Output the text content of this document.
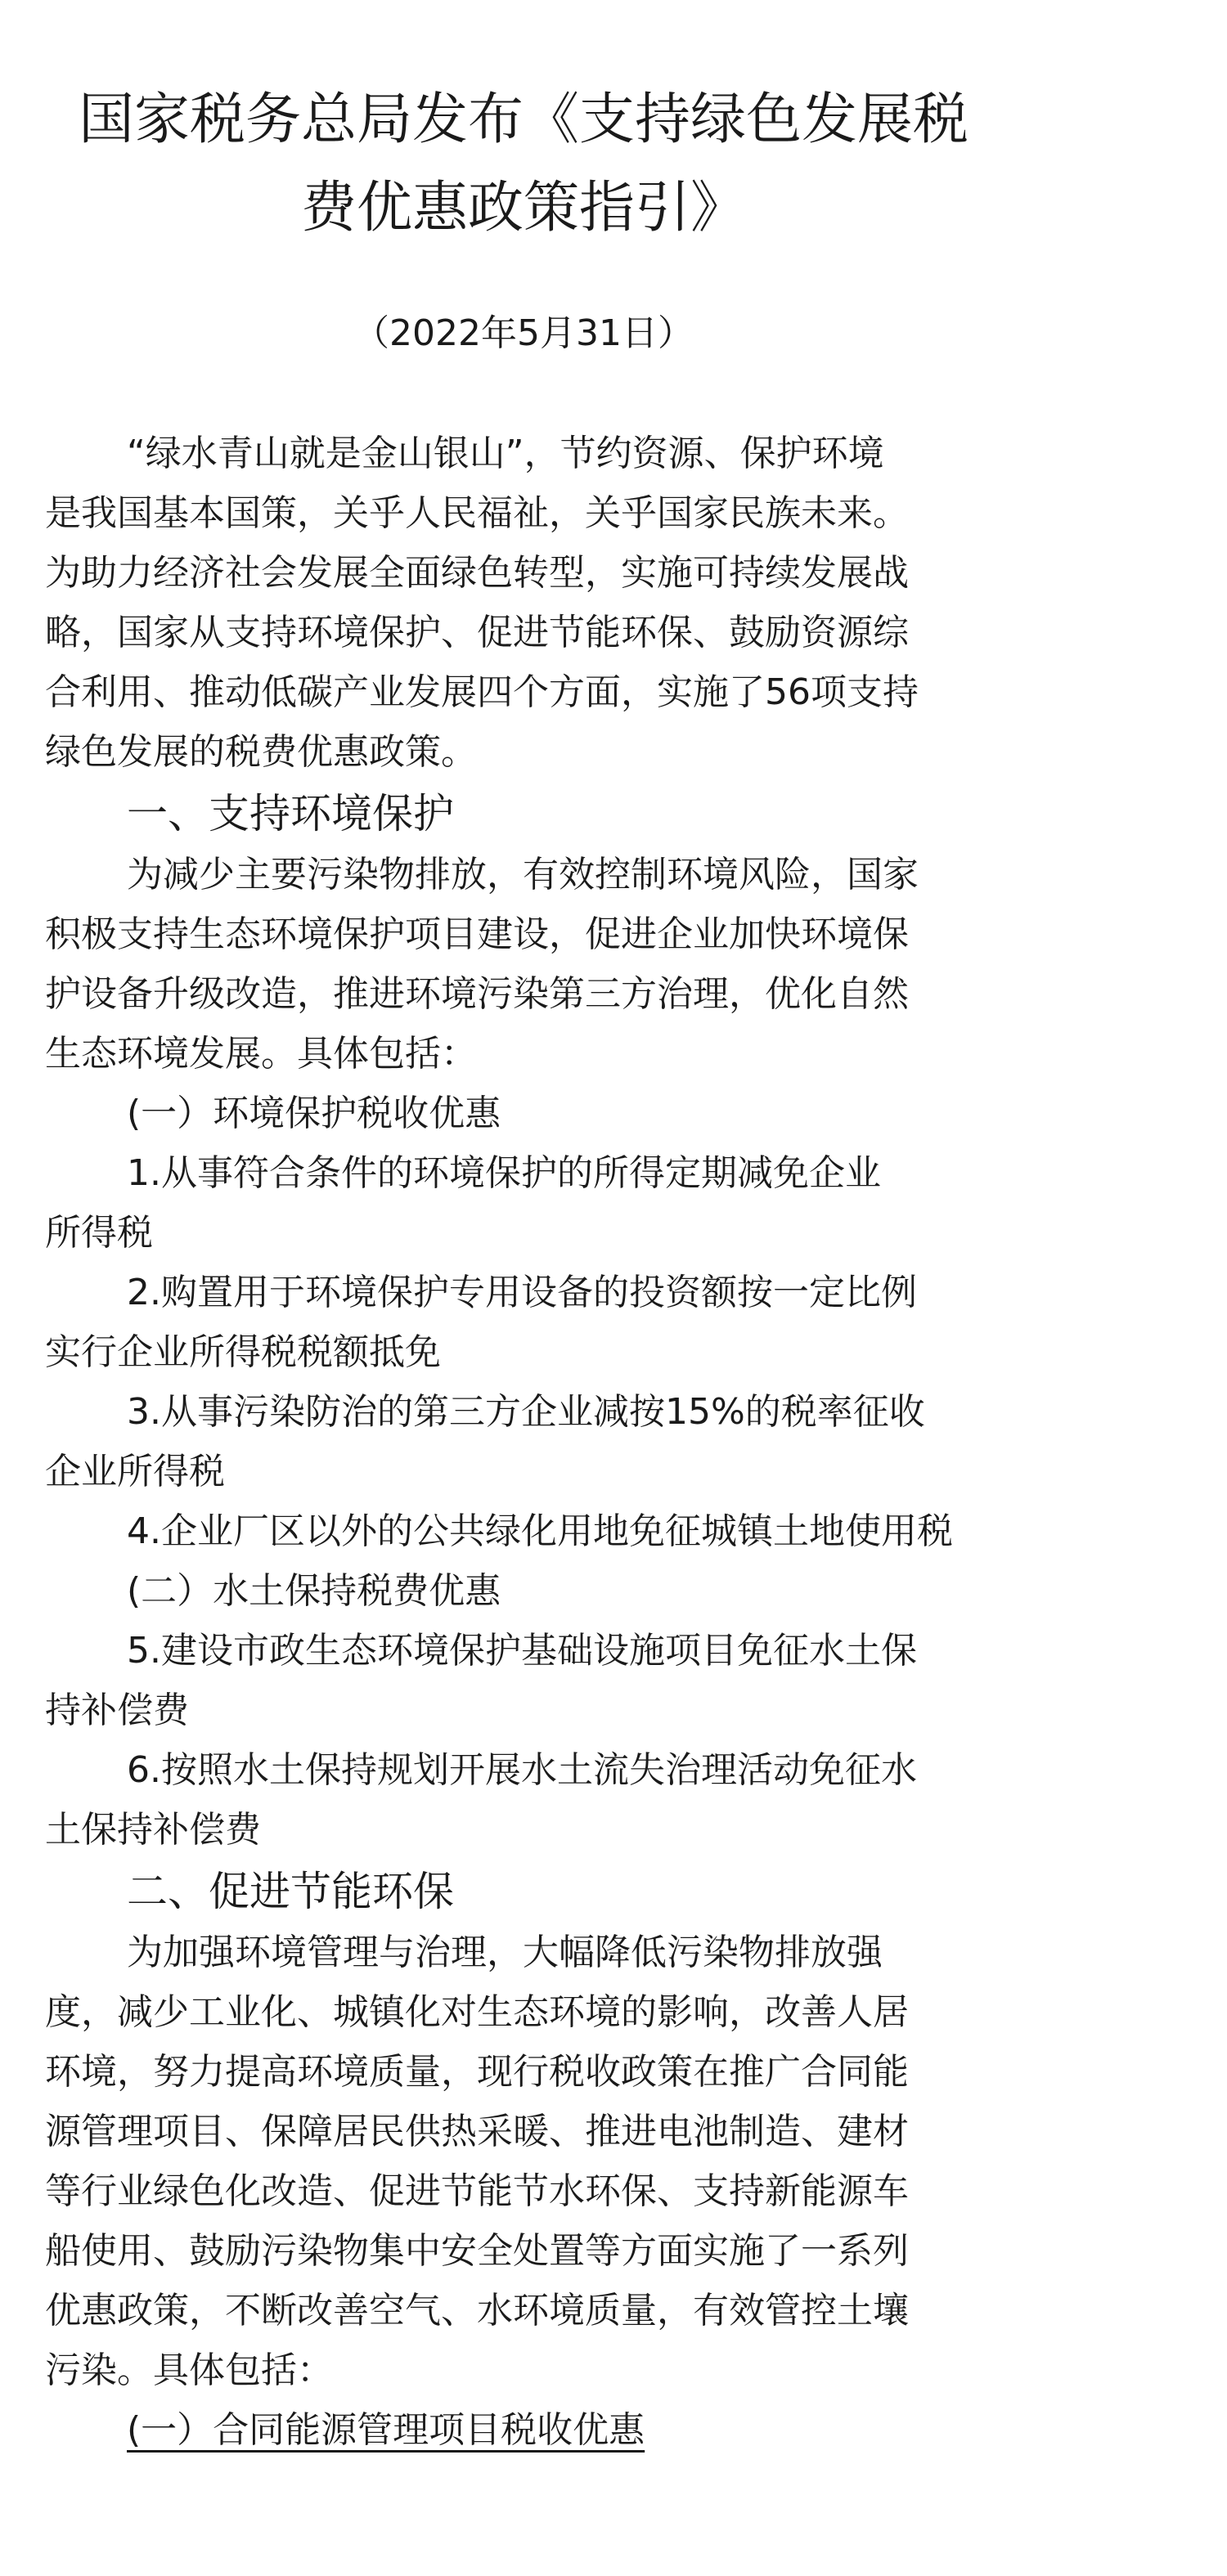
国家税务总局发布《支持绿色发展税
费优惠政策指引》

（2022年5月31日）

“绿水青山就是金山银山”，节约资源、保护环境

是我国基本国策，关乎人民福祉，关乎国家民族未来。

为助力经济社会发展全面绿色转型，实施可持续发展战

略，国家从支持环境保护、促进节能环保、鼓励资源综

合利用、推动低碳产业发展四个方面，实施了56项支持

绿色发展的税费优惠政策。

一、支持环境保护

为减少主要污染物排放，有效控制环境风险，国家

积极支持生态环境保护项目建设，促进企业加快环境保

护设备升级改造，推进环境污染第三方治理，优化自然

生态环境发展。具体包括：

(一）环境保护税收优惠

1.从事符合条件的环境保护的所得定期减免企业

所得税

2.购置用于环境保护专用设备的投资额按一定比例

实行企业所得税税额抵免

3.从事污染防治的第三方企业减按15%的税率征收

企业所得税

4.企业厂区以外的公共绿化用地免征城镇土地使用税

(二）水土保持税费优惠

5.建设市政生态环境保护基础设施项目免征水土保

持补偿费

6.按照水土保持规划开展水土流失治理活动免征水

土保持补偿费

二、促进节能环保

为加强环境管理与治理，大幅降低污染物排放强

度，减少工业化、城镇化对生态环境的影响，改善人居

环境，努力提高环境质量，现行税收政策在推广合同能

源管理项目、保障居民供热采暖、推进电池制造、建材

等行业绿色化改造、促进节能节水环保、支持新能源车

船使用、鼓励污染物集中安全处置等方面实施了一系列

优惠政策，不断改善空气、水环境质量，有效管控土壤

污染。具体包括：

(一）合同能源管理项目税收优惠
